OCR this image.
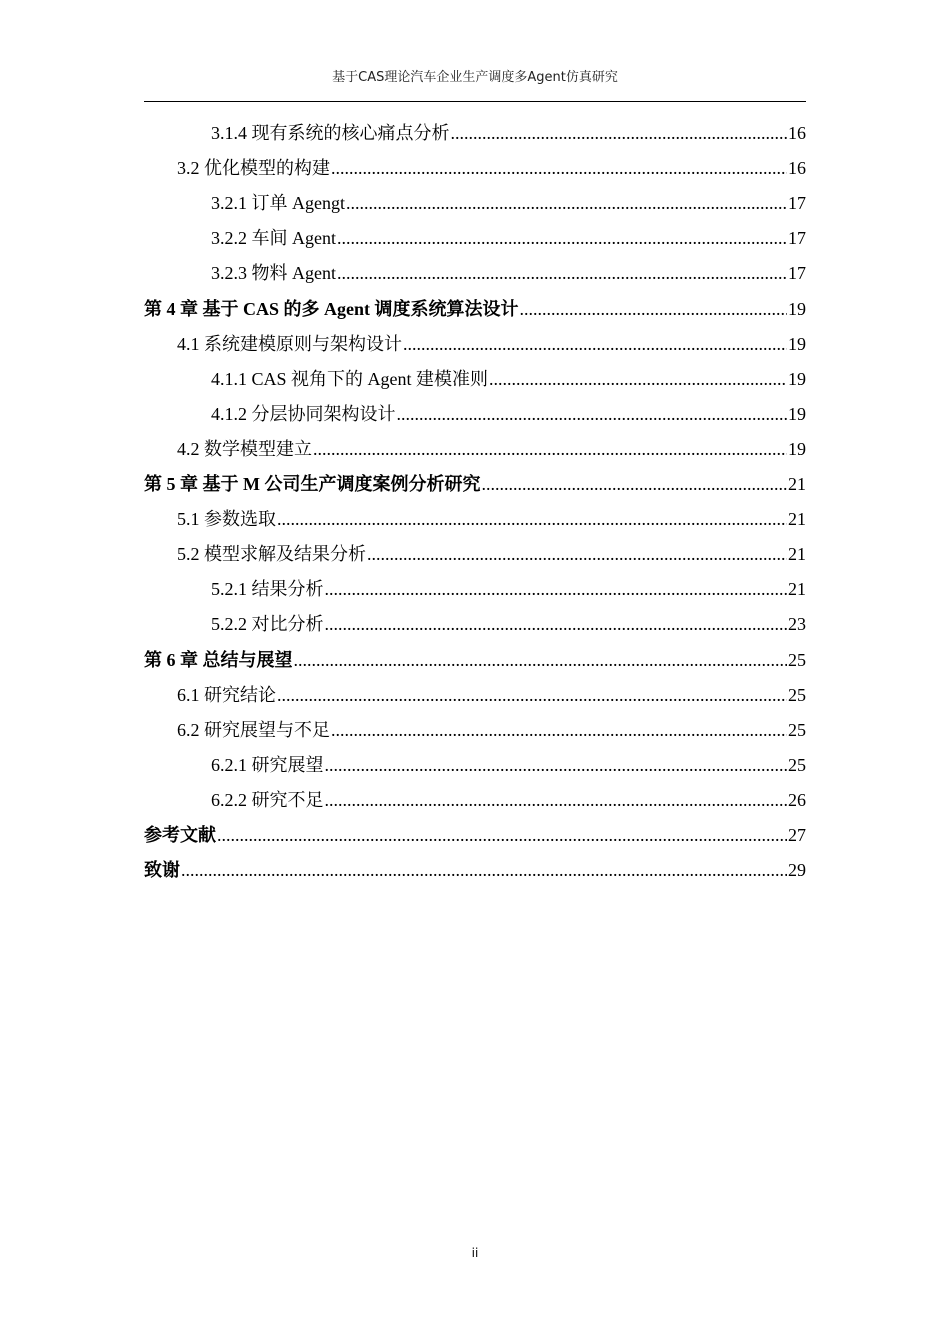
基于CAS理论汽车企业生产调度多Agent仿真研究
3.1.4 现有系统的核心痛点分析 .....	16
3.2 优化模型的构建 .....	16
3.2.1 订单 Agengt .....	17
3.2.2 车间 Agent .....	17
3.2.3 物料 Agent .....	17
第 4 章 基于 CAS 的多 Agent 调度系统算法设计 .....	19
4.1 系统建模原则与架构设计 .....	19
4.1.1 CAS 视角下的 Agent 建模准则 .....	19
4.1.2 分层协同架构设计 .....	19
4.2 数学模型建立 .....	19
第 5 章 基于 M 公司生产调度案例分析研究 .....	21
5.1 参数选取 .....	21
5.2 模型求解及结果分析 .....	21
5.2.1 结果分析 .....	21
5.2.2 对比分析 .....	23
第 6 章 总结与展望 .....	25
6.1 研究结论 .....	25
6.2 研究展望与不足 .....	25
6.2.1 研究展望 .....	25
6.2.2 研究不足 .....	26
参考文献 .....	27
致谢 .....	29
ii
